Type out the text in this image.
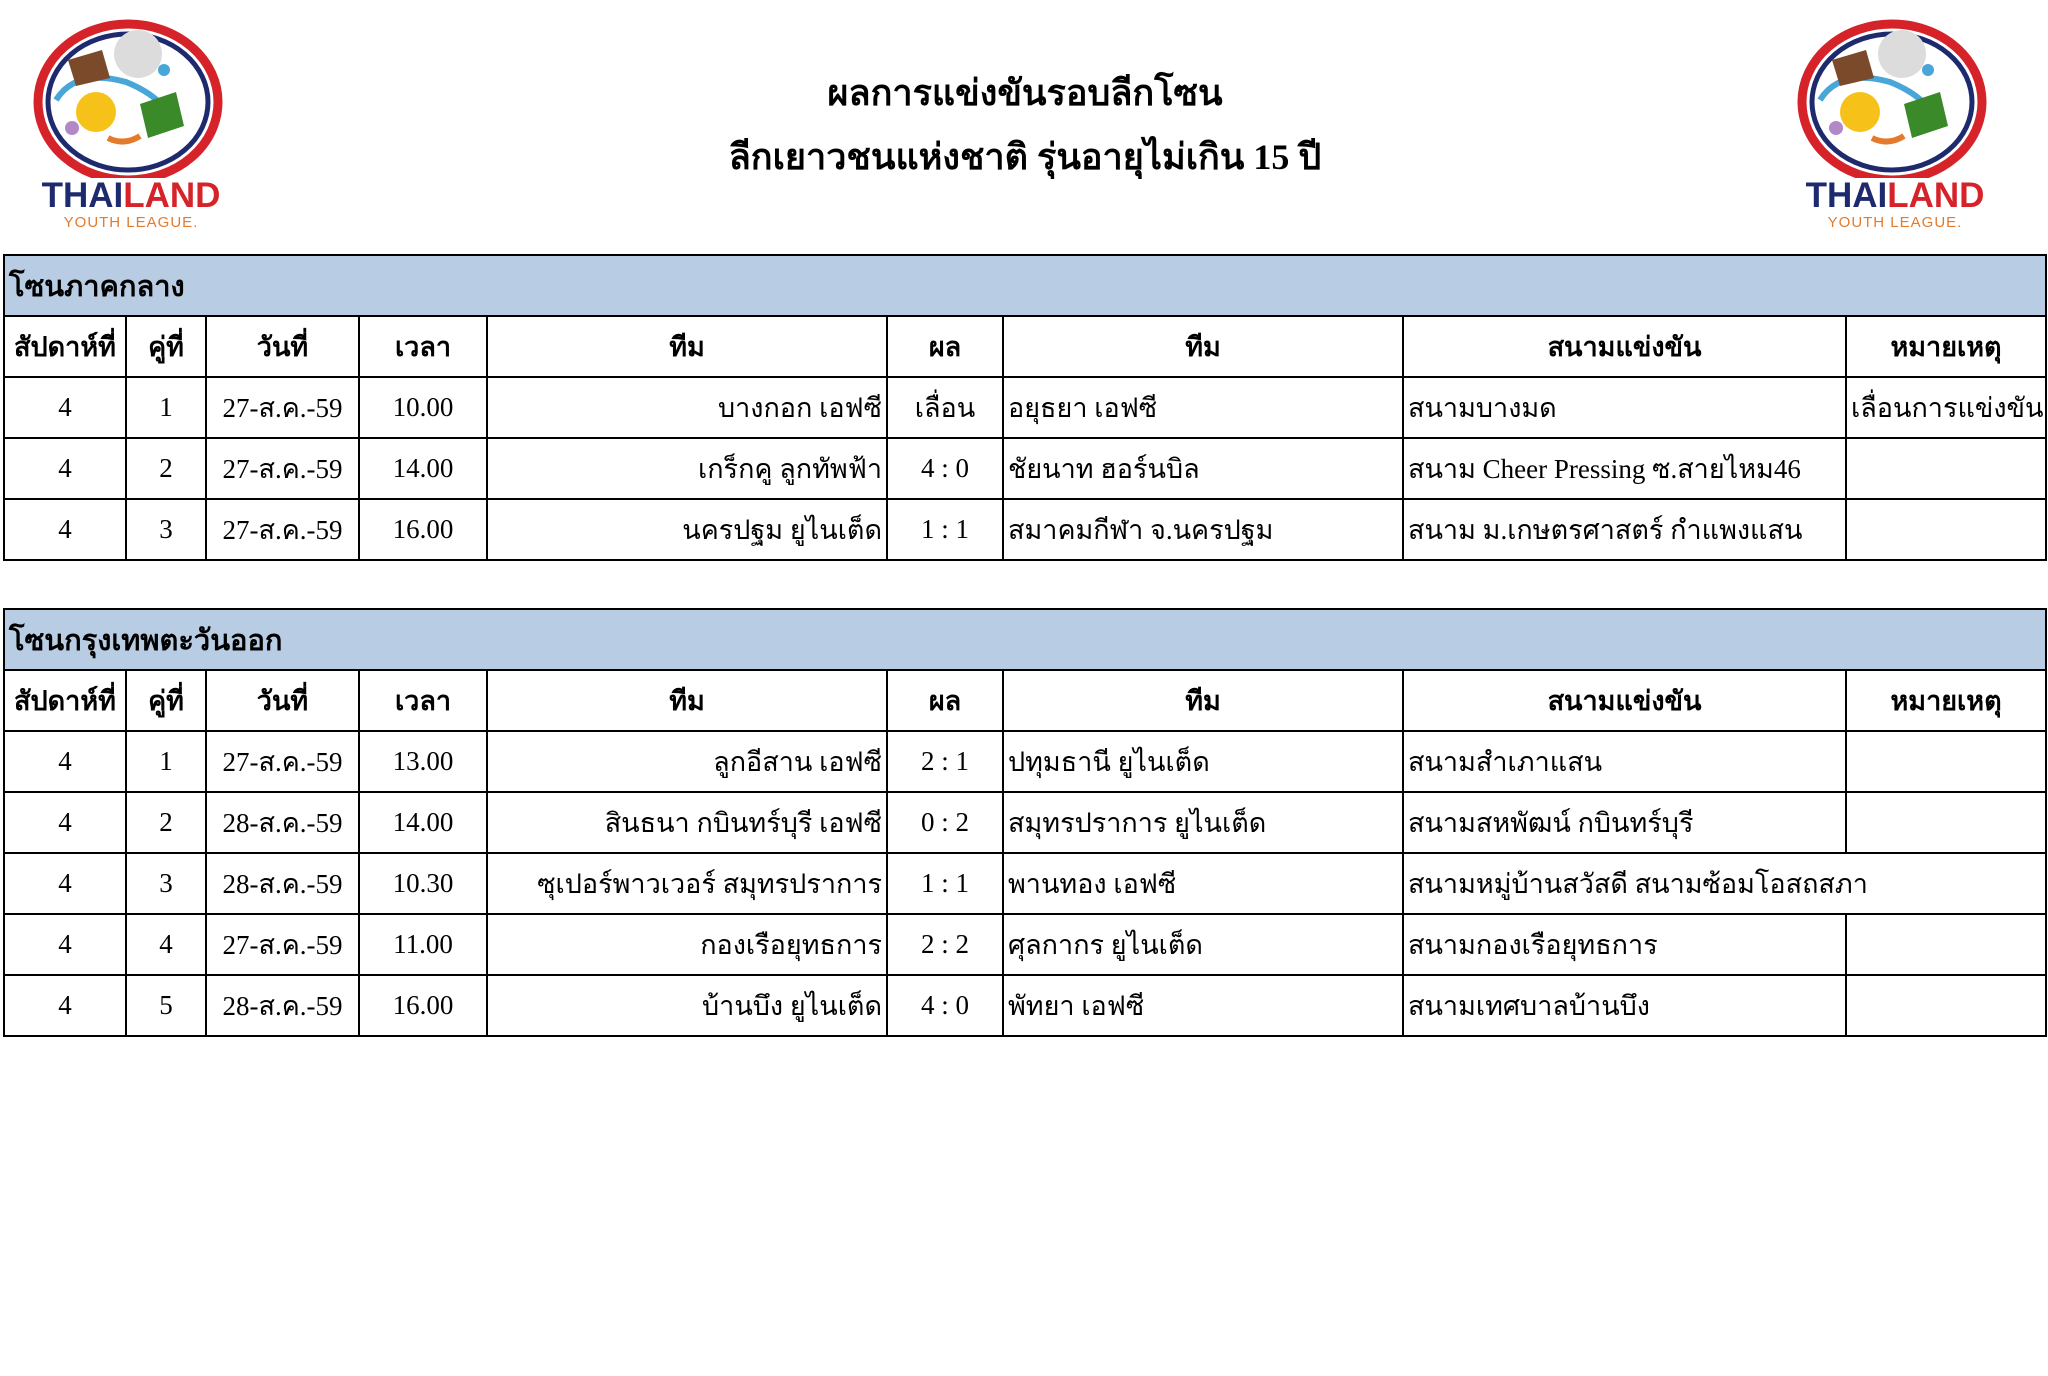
THAILAND
YOUTH LEAGUE.
THAILAND
YOUTH LEAGUE.
ผลการแข่งขันรอบลีกโซน
ลีกเยาวชนแห่งชาติ รุ่นอายุไม่เกิน 15 ปี
โซนภาคกลาง								
สัปดาห์ที่	คู่ที่	วันที่	เวลา	ทีม	ผล	ทีม	สนามแข่งขัน	หมายเหตุ
4	1	27-ส.ค.-59	10.00	บางกอก เอฟซี	เลื่อน	อยุธยา เอฟซี	สนามบางมด	เลื่อนการแข่งขัน
4	2	27-ส.ค.-59	14.00	เกร็กคู ลูกทัพฟ้า	4 : 0	ชัยนาท ฮอร์นบิล	สนาม Cheer Pressing ซ.สายไหม46	
4	3	27-ส.ค.-59	16.00	นครปฐม ยูไนเต็ด	1 : 1	สมาคมกีฬา จ.นครปฐม	สนาม ม.เกษตรศาสตร์ กำแพงแสน	
โซนกรุงเทพตะวันออก								
สัปดาห์ที่	คู่ที่	วันที่	เวลา	ทีม	ผล	ทีม	สนามแข่งขัน	หมายเหตุ
4	1	27-ส.ค.-59	13.00	ลูกอีสาน เอฟซี	2 : 1	ปทุมธานี ยูไนเต็ด	สนามสำเภาแสน	
4	2	28-ส.ค.-59	14.00	สินธนา กบินทร์บุรี เอฟซี	0 : 2	สมุทรปราการ ยูไนเต็ด	สนามสหพัฒน์ กบินทร์บุรี	
4	3	28-ส.ค.-59	10.30	ซุเปอร์พาวเวอร์ สมุทรปราการ	1 : 1	พานทอง เอฟซี	สนามหมู่บ้านสวัสดี สนามซ้อมโอสถสภา	
4	4	27-ส.ค.-59	11.00	กองเรือยุทธการ	2 : 2	ศุลกากร ยูไนเต็ด	สนามกองเรือยุทธการ	
4	5	28-ส.ค.-59	16.00	บ้านบึง ยูไนเต็ด	4 : 0	พัทยา เอฟซี	สนามเทศบาลบ้านบึง	
